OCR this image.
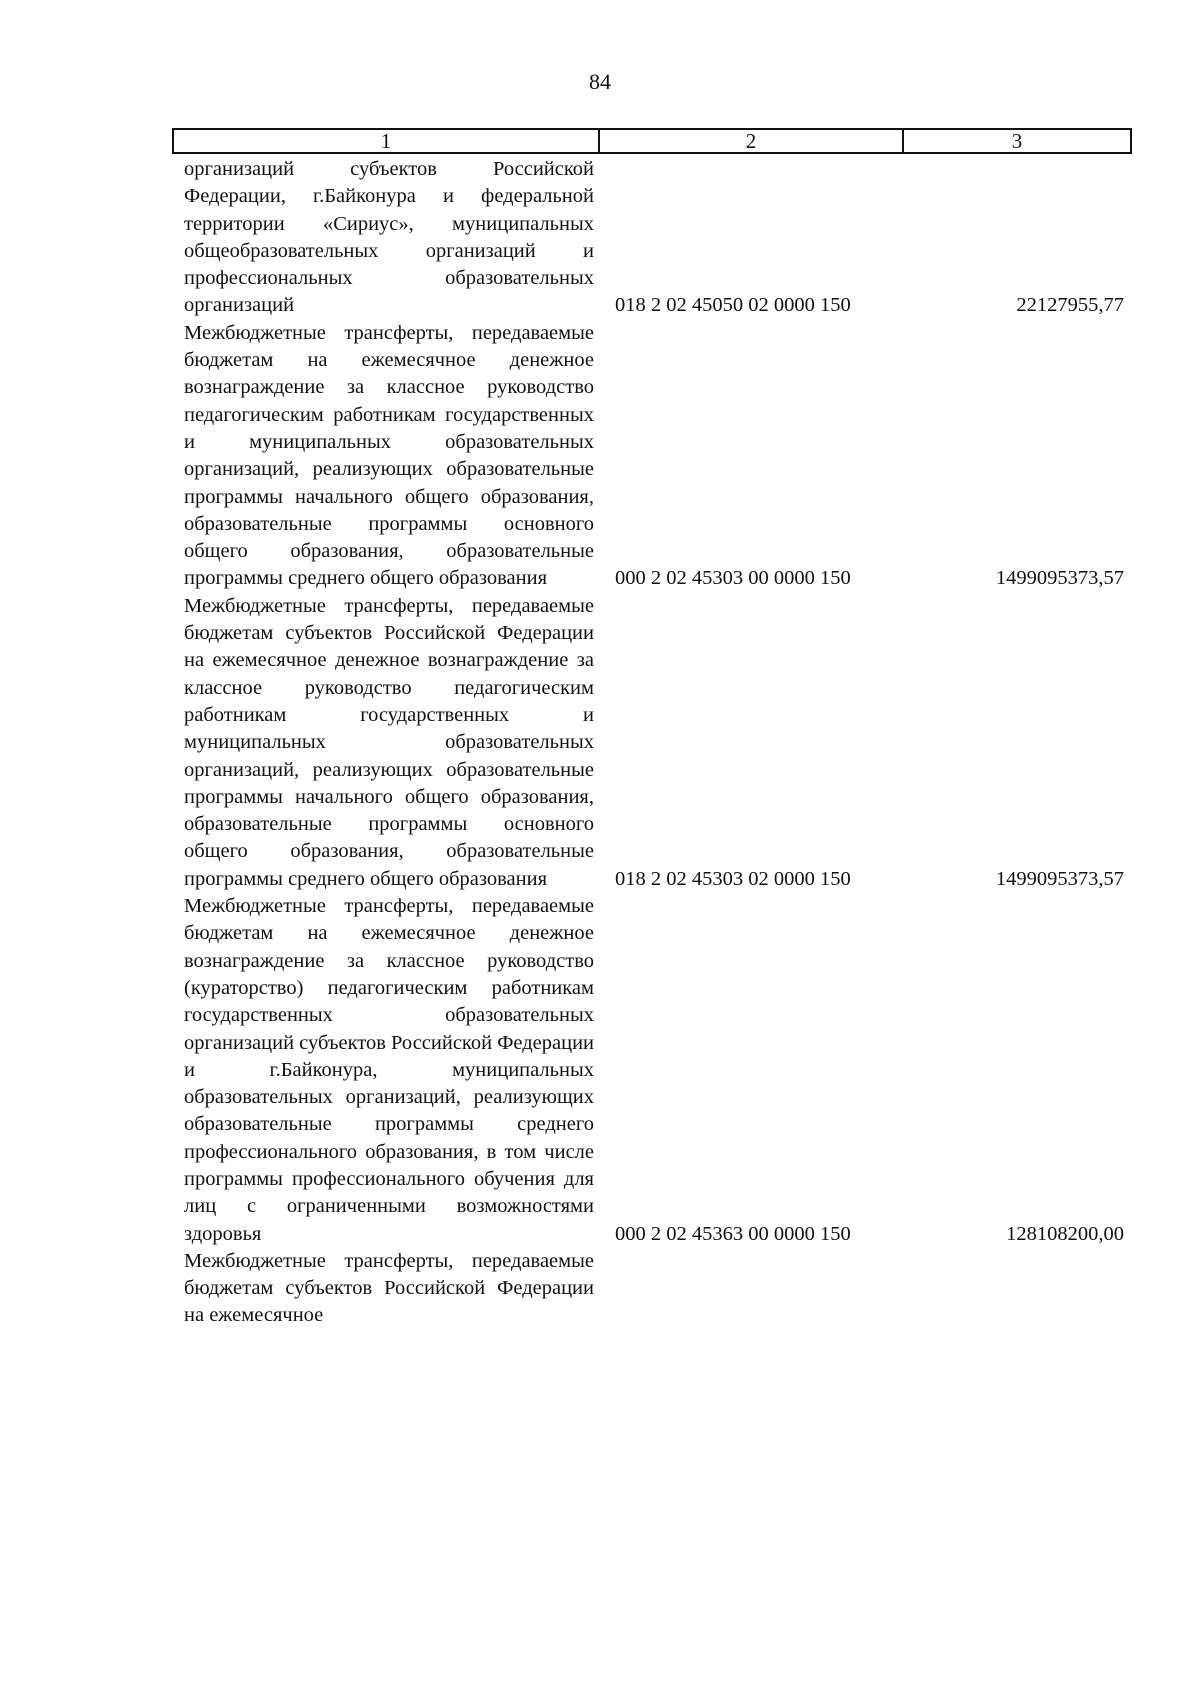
84
1	2	3
организаций субъектов Российской Федерации, г.Байконура и федеральной территории «Сириус», муниципальных общеобразовательных организаций и профессиональных образовательных организаций	018 2 02 45050 02 0000 150	22127955,77
Межбюджетные трансферты, передаваемые бюджетам на ежемесячное денежное вознаграждение за классное руководство педагогическим работникам государственных и муниципальных образовательных организаций, реализующих образовательные программы начального общего образования, образовательные программы основного общего образования, образовательные программы среднего общего образования	000 2 02 45303 00 0000 150	1499095373,57
Межбюджетные трансферты, передаваемые бюджетам субъектов Российской Федерации на ежемесячное денежное вознаграждение за классное руководство педагогическим работникам государственных и муниципальных образовательных организаций, реализующих образовательные программы начального общего образования, образовательные программы основного общего образования, образовательные программы среднего общего образования	018 2 02 45303 02 0000 150	1499095373,57
Межбюджетные трансферты, передаваемые бюджетам на ежемесячное денежное вознаграждение за классное руководство (кураторство) педагогическим работникам государственных образовательных организаций субъектов Российской Федерации и г.Байконура, муниципальных образовательных организаций, реализующих образовательные программы среднего профессионального образования, в том числе программы профессионального обучения для лиц с ограниченными возможностями здоровья	000 2 02 45363 00 0000 150	128108200,00
Межбюджетные трансферты, передаваемые бюджетам субъектов Российской Федерации на ежемесячное
